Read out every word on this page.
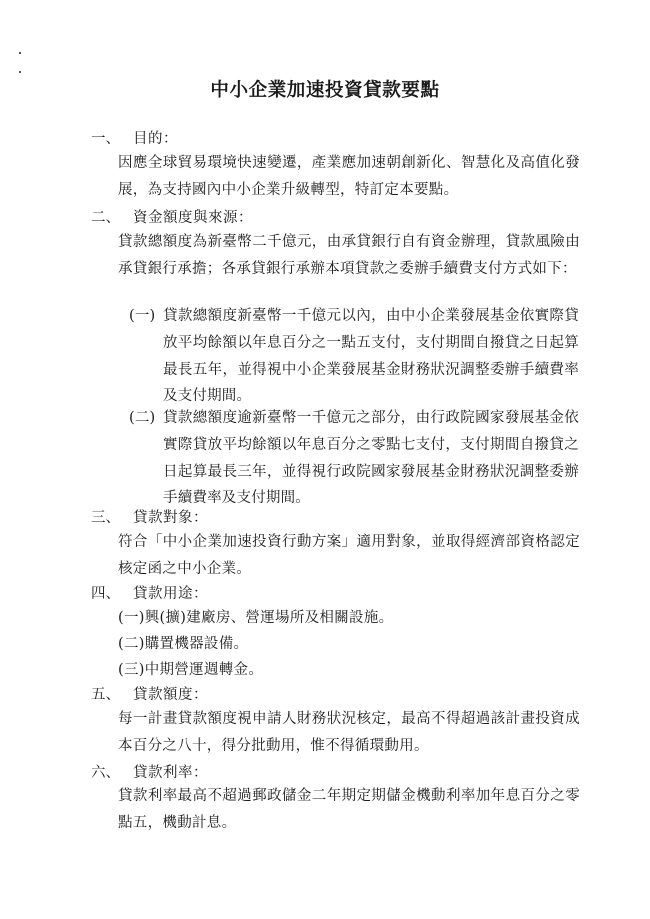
中小企業加速投資貸款要點
一、 目的：

因應全球貿易環境快速變遷，產業應加速朝創新化、智慧化及高值化發展，為支持國內中小企業升級轉型，特訂定本要點。

二、 資金額度與來源：

貸款總額度為新臺幣二千億元，由承貸銀行自有資金辦理，貸款風險由承貸銀行承擔；各承貸銀行承辦本項貸款之委辦手續費支付方式如下：

(一) 貸款總額度新臺幣一千億元以內，由中小企業發展基金依實際貸放平均餘額以年息百分之一點五支付，支付期間自撥貸之日起算最長五年，並得視中小企業發展基金財務狀況調整委辦手續費率及支付期間。
(二) 貸款總額度逾新臺幣一千億元之部分，由行政院國家發展基金依實際貸放平均餘額以年息百分之零點七支付，支付期間自撥貸之日起算最長三年，並得視行政院國家發展基金財務狀況調整委辦手續費率及支付期間。
三、 貸款對象：

符合「中小企業加速投資行動方案」適用對象，並取得經濟部資格認定核定函之中小企業。

四、 貸款用途：
(一)興(擴)建廠房、營運場所及相關設施。
(二)購置機器設備。
(三)中期營運週轉金。
五、 貸款額度：

每一計畫貸款額度視申請人財務狀況核定，最高不得超過該計畫投資成本百分之八十，得分批動用，惟不得循環動用。

六、 貸款利率：

貸款利率最高不超過郵政儲金二年期定期儲金機動利率加年息百分之零點五，機動計息。
